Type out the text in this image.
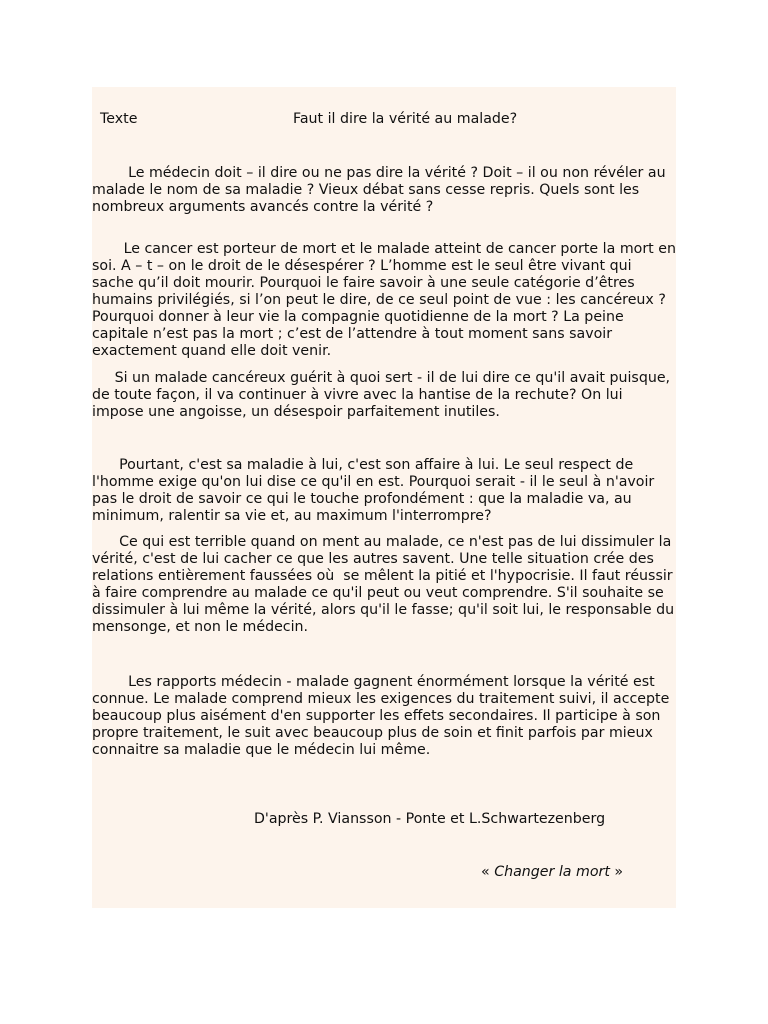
Texte	Faut il dire la vérité au malade?

Le médecin doit – il dire ou ne pas dire la vérité ? Doit – il ou non révéler au malade le nom de sa maladie ? Vieux débat sans cesse repris. Quels sont les nombreux arguments avancés contre la vérité ?

Le cancer est porteur de mort et le malade atteint de cancer porte la mort en soi. A – t – on le droit de le désespérer ? L’homme est le seul être vivant qui sache qu’il doit mourir. Pourquoi le faire savoir à une seule catégorie d’êtres humains privilégiés, si l’on peut le dire, de ce seul point de vue : les cancéreux ? Pourquoi donner à leur vie la compagnie quotidienne de la mort ? La peine capitale n’est pas la mort ; c’est de l’attendre à tout moment sans savoir exactement quand elle doit venir.

Si un malade cancéreux guérit à quoi sert - il de lui dire ce qu'il avait puisque, de toute façon, il va continuer à vivre avec la hantise de la rechute? On lui impose une angoisse, un désespoir parfaitement inutiles.

Pourtant, c'est sa maladie à lui, c'est son affaire à lui. Le seul respect de l'homme exige qu'on lui dise ce qu'il en est. Pourquoi serait - il le seul à n'avoir pas le droit de savoir ce qui le touche profondément : que la maladie va, au minimum, ralentir sa vie et, au maximum l'interrompre?

Ce qui est terrible quand on ment au malade, ce n'est pas de lui dissimuler la vérité, c'est de lui cacher ce que les autres savent. Une telle situation crée des relations entièrement faussées où  se mêlent la pitié et l'hypocrisie. Il faut réussir à faire comprendre au malade ce qu'il peut ou veut comprendre. S'il souhaite se dissimuler à lui même la vérité, alors qu'il le fasse; qu'il soit lui, le responsable du mensonge, et non le médecin.

Les rapports médecin - malade gagnent énormément lorsque la vérité est connue. Le malade comprend mieux les exigences du traitement suivi, il accepte beaucoup plus aisément d'en supporter les effets secondaires. Il participe à son propre traitement, le suit avec beaucoup plus de soin et finit parfois par mieux connaitre sa maladie que le médecin lui même.

D'après P. Viansson - Ponte et L.Schwartezenberg
« Changer la mort »
